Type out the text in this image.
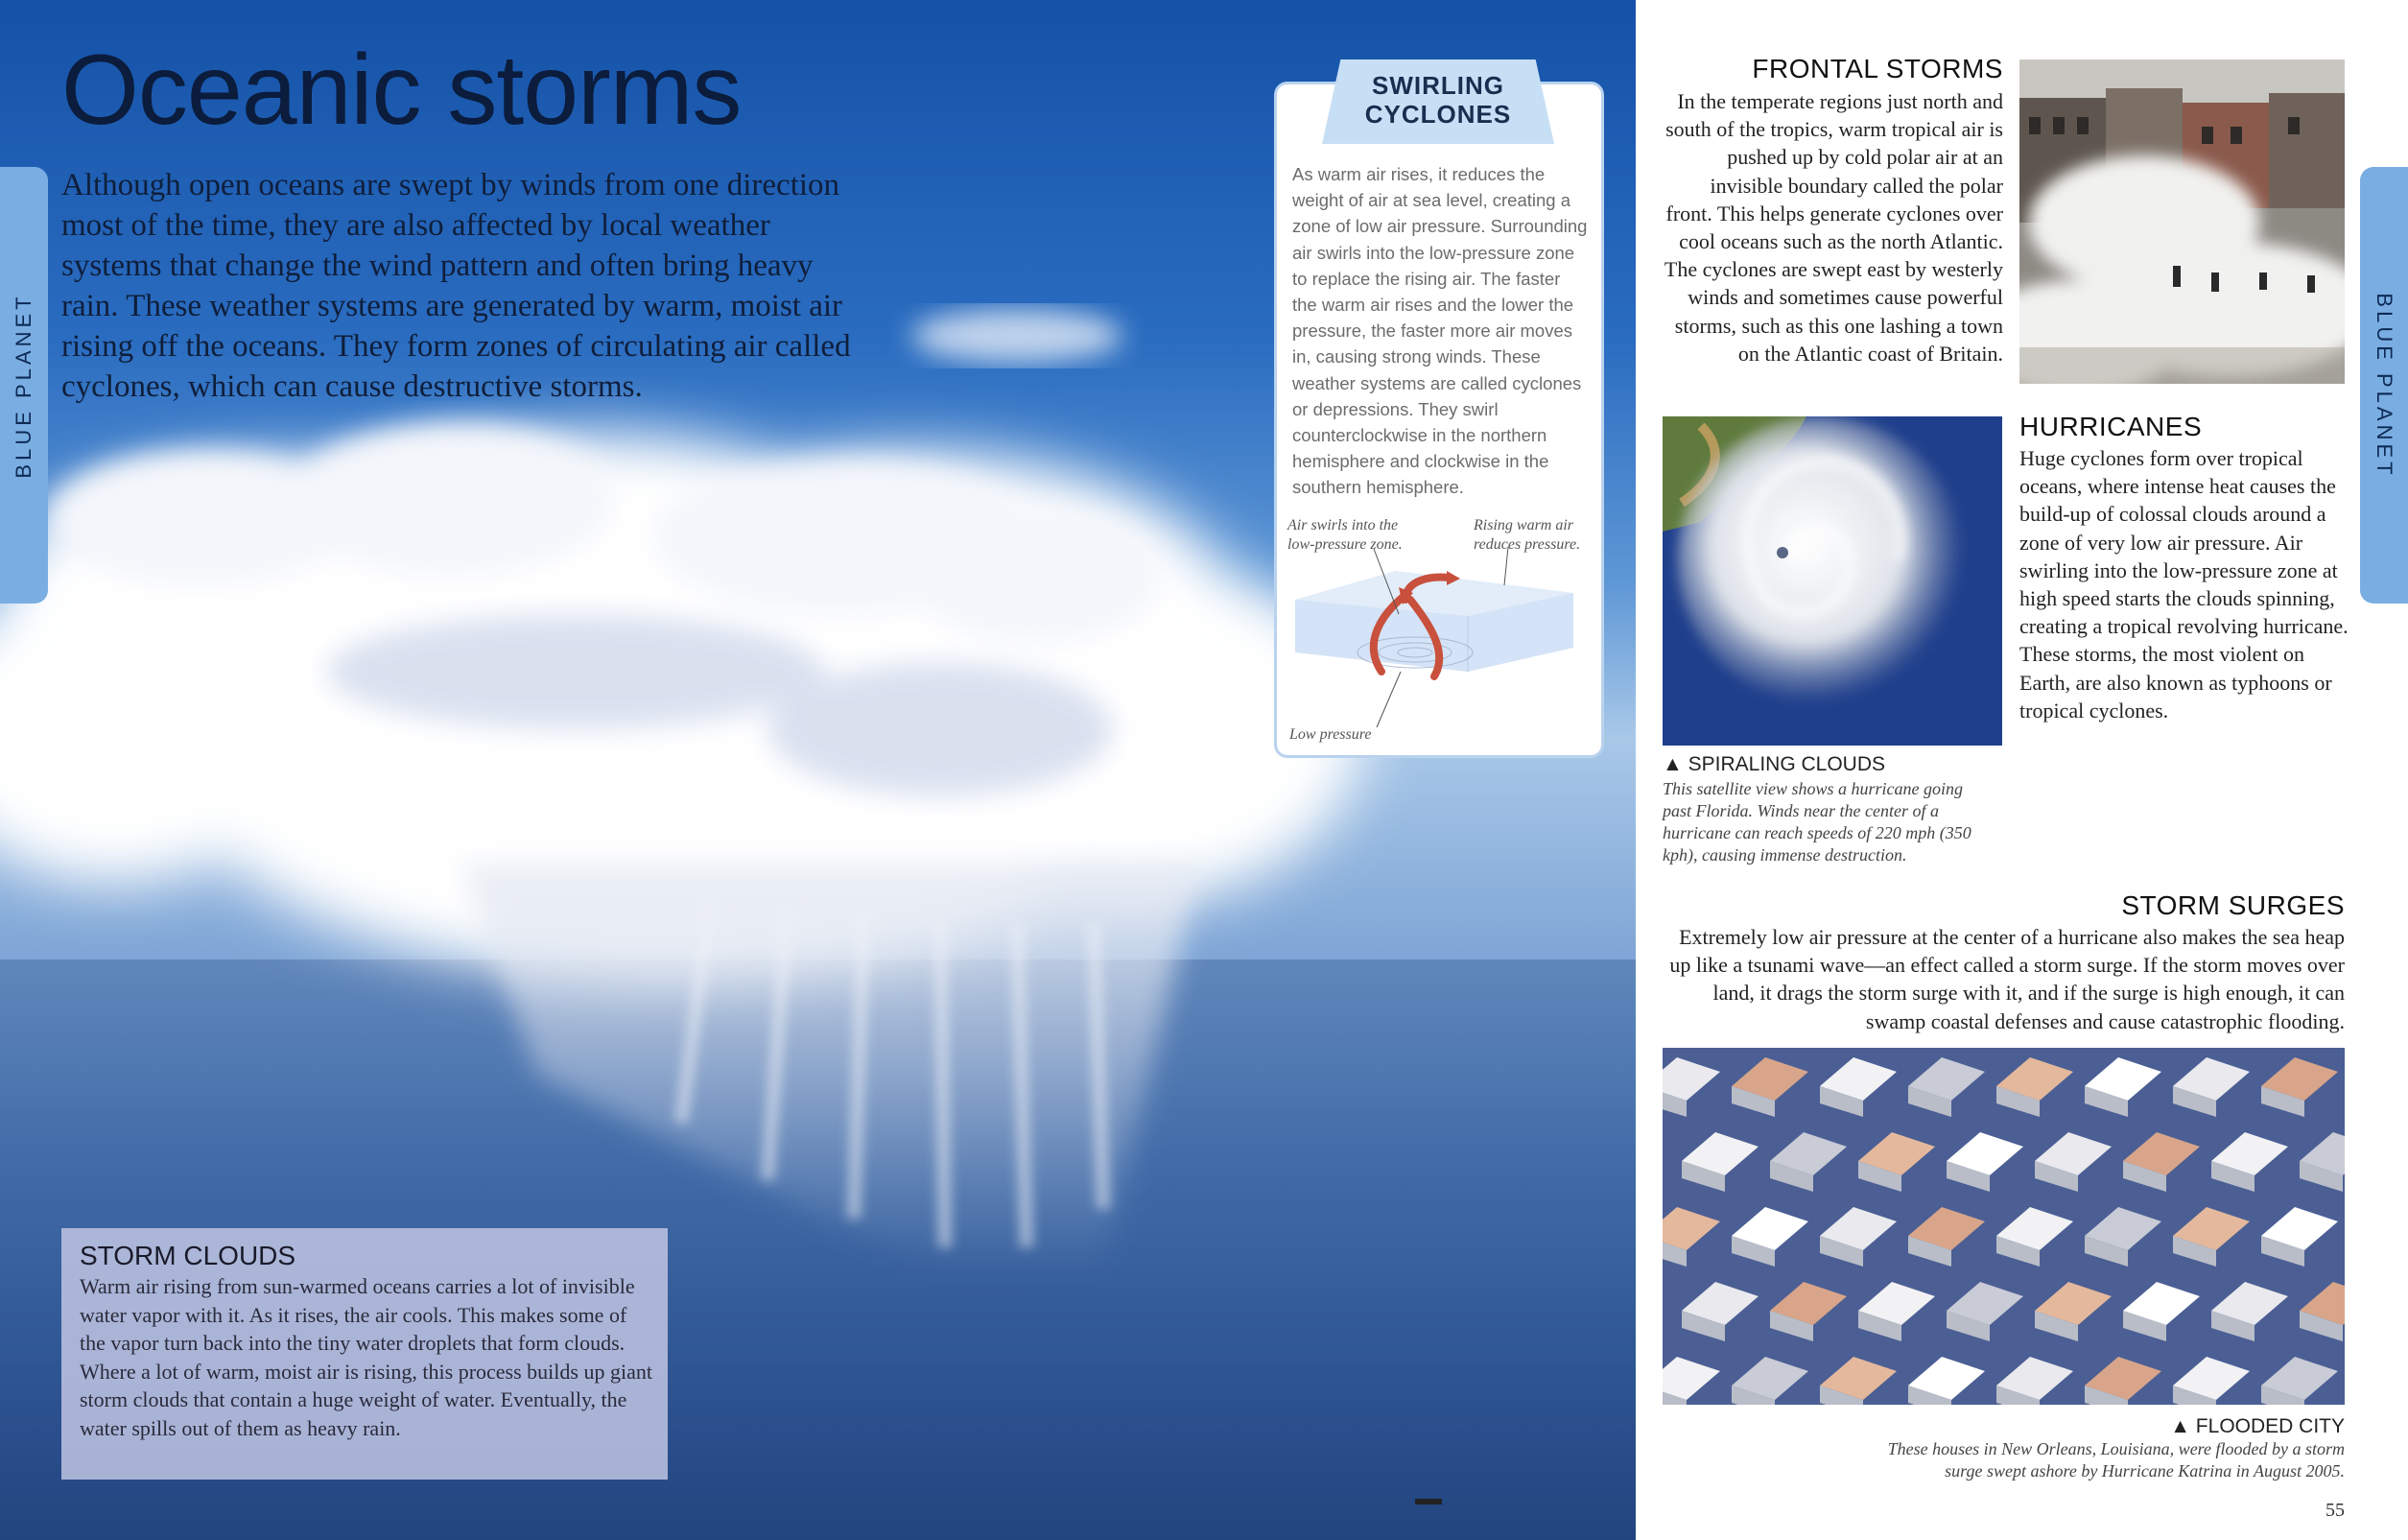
Oceanic storms
Although open oceans are swept by winds from one direction most of the time, they are also affected by local weather systems that change the wind pattern and often bring heavy rain. These weather systems are generated by warm, moist air rising off the oceans. They form zones of circulating air called cyclones, which can cause destructive storms.
BLUE PLANET
SWIRLING
CYCLONES
As warm air rises, it reduces the weight of air at sea level, creating a zone of low air pressure. Surrounding air swirls into the low-pressure zone to replace the rising air. The faster the warm air rises and the lower the pressure, the faster more air moves in, causing strong winds. These weather systems are called cyclones or depressions. They swirl counterclockwise in the northern hemisphere and clockwise in the southern hemisphere.
Air swirls into the low-pressure zone.
Rising warm air reduces pressure.
Low pressure
STORM CLOUDS
Warm air rising from sun-warmed oceans carries a lot of invisible water vapor with it. As it rises, the air cools. This makes some of the vapor turn back into the tiny water droplets that form clouds. Where a lot of warm, moist air is rising, this process builds up giant storm clouds that contain a huge weight of water. Eventually, the water spills out of them as heavy rain.
FRONTAL STORMS
In the temperate regions just north and south of the tropics, warm tropical air is pushed up by cold polar air at an invisible boundary called the polar front. This helps generate cyclones over cool oceans such as the north Atlantic. The cyclones are swept east by westerly winds and sometimes cause powerful storms, such as this one lashing a town on the Atlantic coast of Britain.
HURRICANES
Huge cyclones form over tropical oceans, where intense heat causes the build-up of colossal clouds around a zone of very low air pressure. Air swirling into the low-pressure zone at high speed starts the clouds spinning, creating a tropical revolving hurricane. These storms, the most violent on Earth, are also known as typhoons or tropical cyclones.
▲ SPIRALING CLOUDS
This satellite view shows a hurricane going past Florida. Winds near the center of a hurricane can reach speeds of 220 mph (350 kph), causing immense destruction.
STORM SURGES
Extremely low air pressure at the center of a hurricane also makes the sea heap up like a tsunami wave—an effect called a storm surge. If the storm moves over land, it drags the storm surge with it, and if the surge is high enough, it can swamp coastal defenses and cause catastrophic flooding.
▲ FLOODED CITY
These houses in New Orleans, Louisiana, were flooded by a storm surge swept ashore by Hurricane Katrina in August 2005.
BLUE PLANET
55
